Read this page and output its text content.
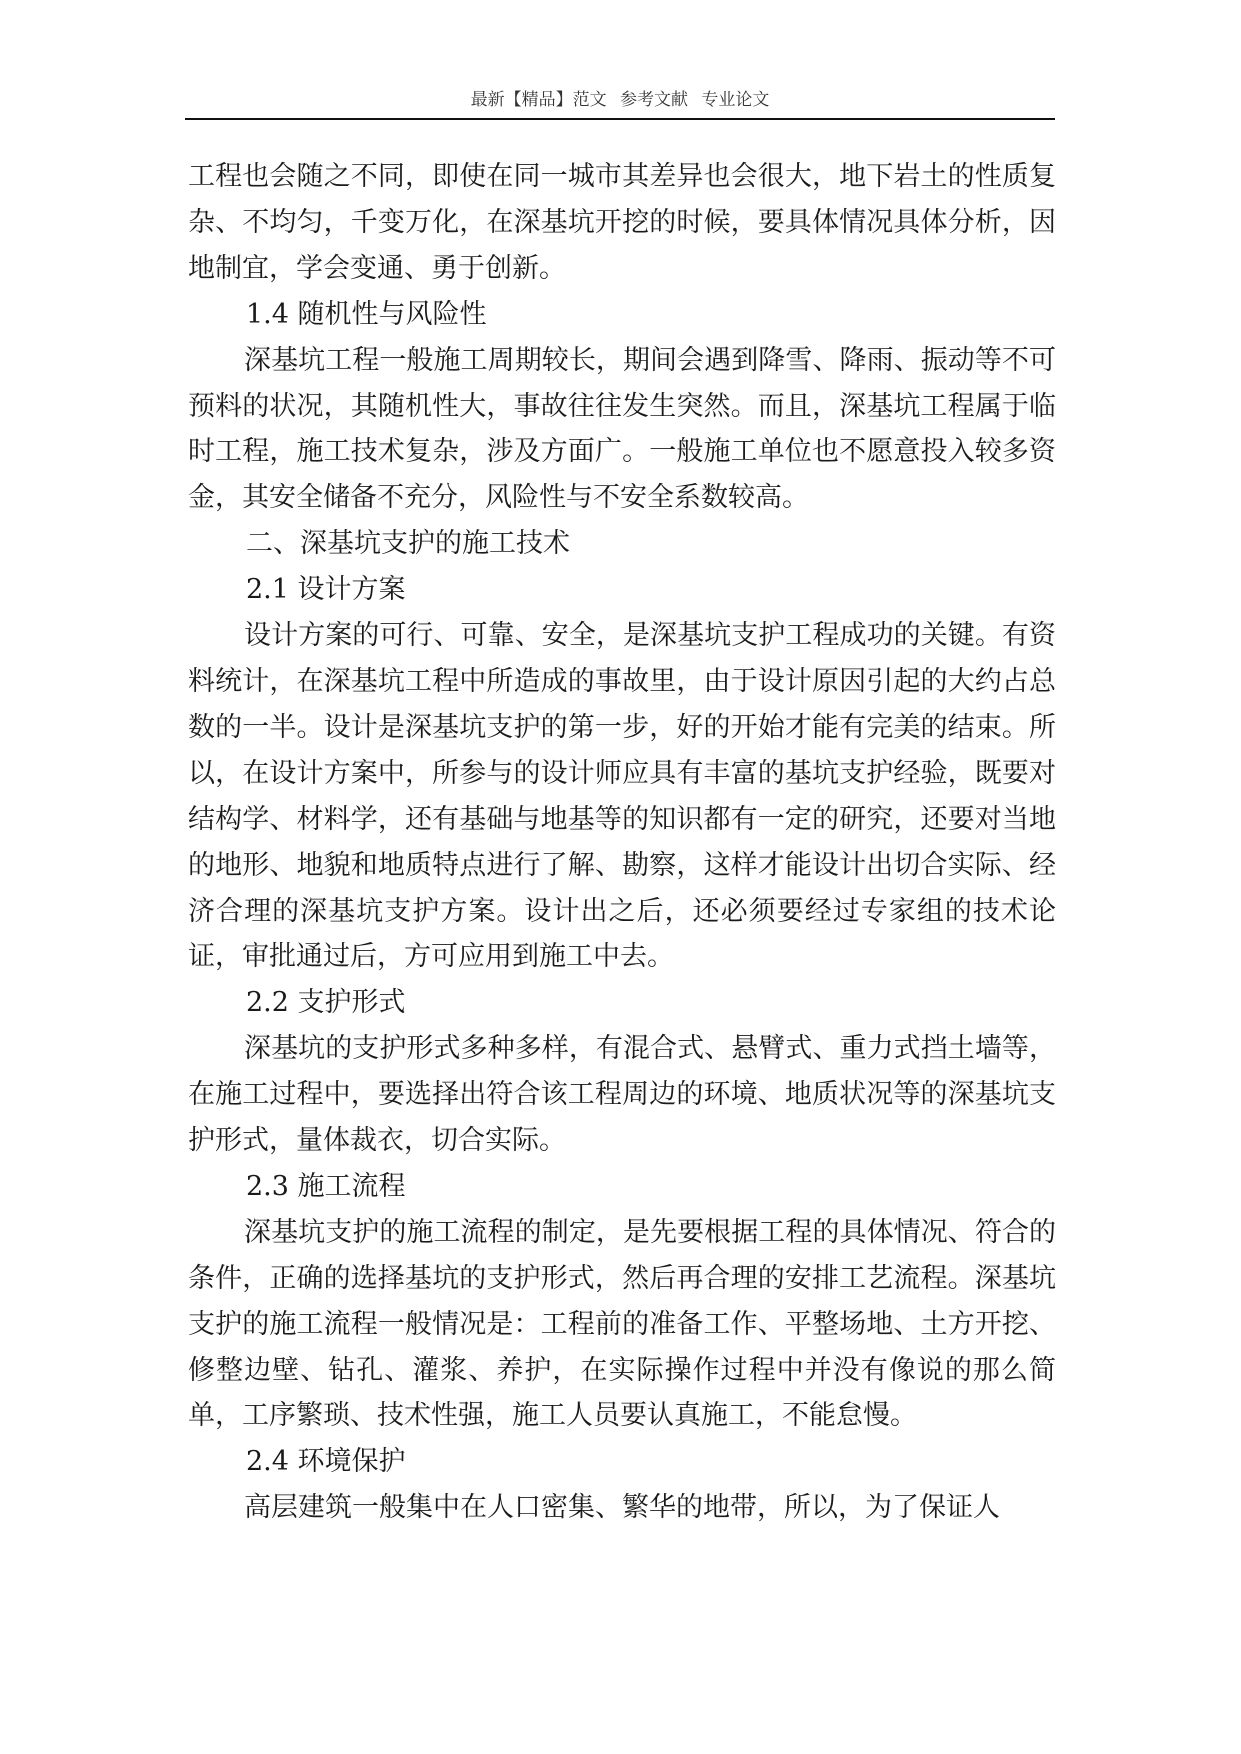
最新【精品】范文 参考文献 专业论文

工程也会随之不同，即使在同一城市其差异也会很大，地下岩土的性质复杂、不均匀，千变万化，在深基坑开挖的时候，要具体情况具体分析，因地制宜，学会变通、勇于创新。

1.4 随机性与风险性

深基坑工程一般施工周期较长，期间会遇到降雪、降雨、振动等不可预料的状况，其随机性大，事故往往发生突然。而且，深基坑工程属于临时工程，施工技术复杂，涉及方面广。一般施工单位也不愿意投入较多资金，其安全储备不充分，风险性与不安全系数较高。

二、深基坑支护的施工技术

2.1 设计方案

设计方案的可行、可靠、安全，是深基坑支护工程成功的关键。有资料统计，在深基坑工程中所造成的事故里，由于设计原因引起的大约占总数的一半。设计是深基坑支护的第一步，好的开始才能有完美的结束。所以，在设计方案中，所参与的设计师应具有丰富的基坑支护经验，既要对结构学、材料学，还有基础与地基等的知识都有一定的研究，还要对当地的地形、地貌和地质特点进行了解、勘察，这样才能设计出切合实际、经济合理的深基坑支护方案。设计出之后，还必须要经过专家组的技术论证，审批通过后，方可应用到施工中去。

2.2 支护形式

深基坑的支护形式多种多样，有混合式、悬臂式、重力式挡土墙等，在施工过程中，要选择出符合该工程周边的环境、地质状况等的深基坑支护形式，量体裁衣，切合实际。

2.3 施工流程

深基坑支护的施工流程的制定，是先要根据工程的具体情况、符合的条件，正确的选择基坑的支护形式，然后再合理的安排工艺流程。深基坑支护的施工流程一般情况是：工程前的准备工作、平整场地、土方开挖、修整边壁、钻孔、灌浆、养护，在实际操作过程中并没有像说的那么简单，工序繁琐、技术性强，施工人员要认真施工，不能怠慢。

2.4 环境保护

高层建筑一般集中在人口密集、繁华的地带，所以，为了保证人
